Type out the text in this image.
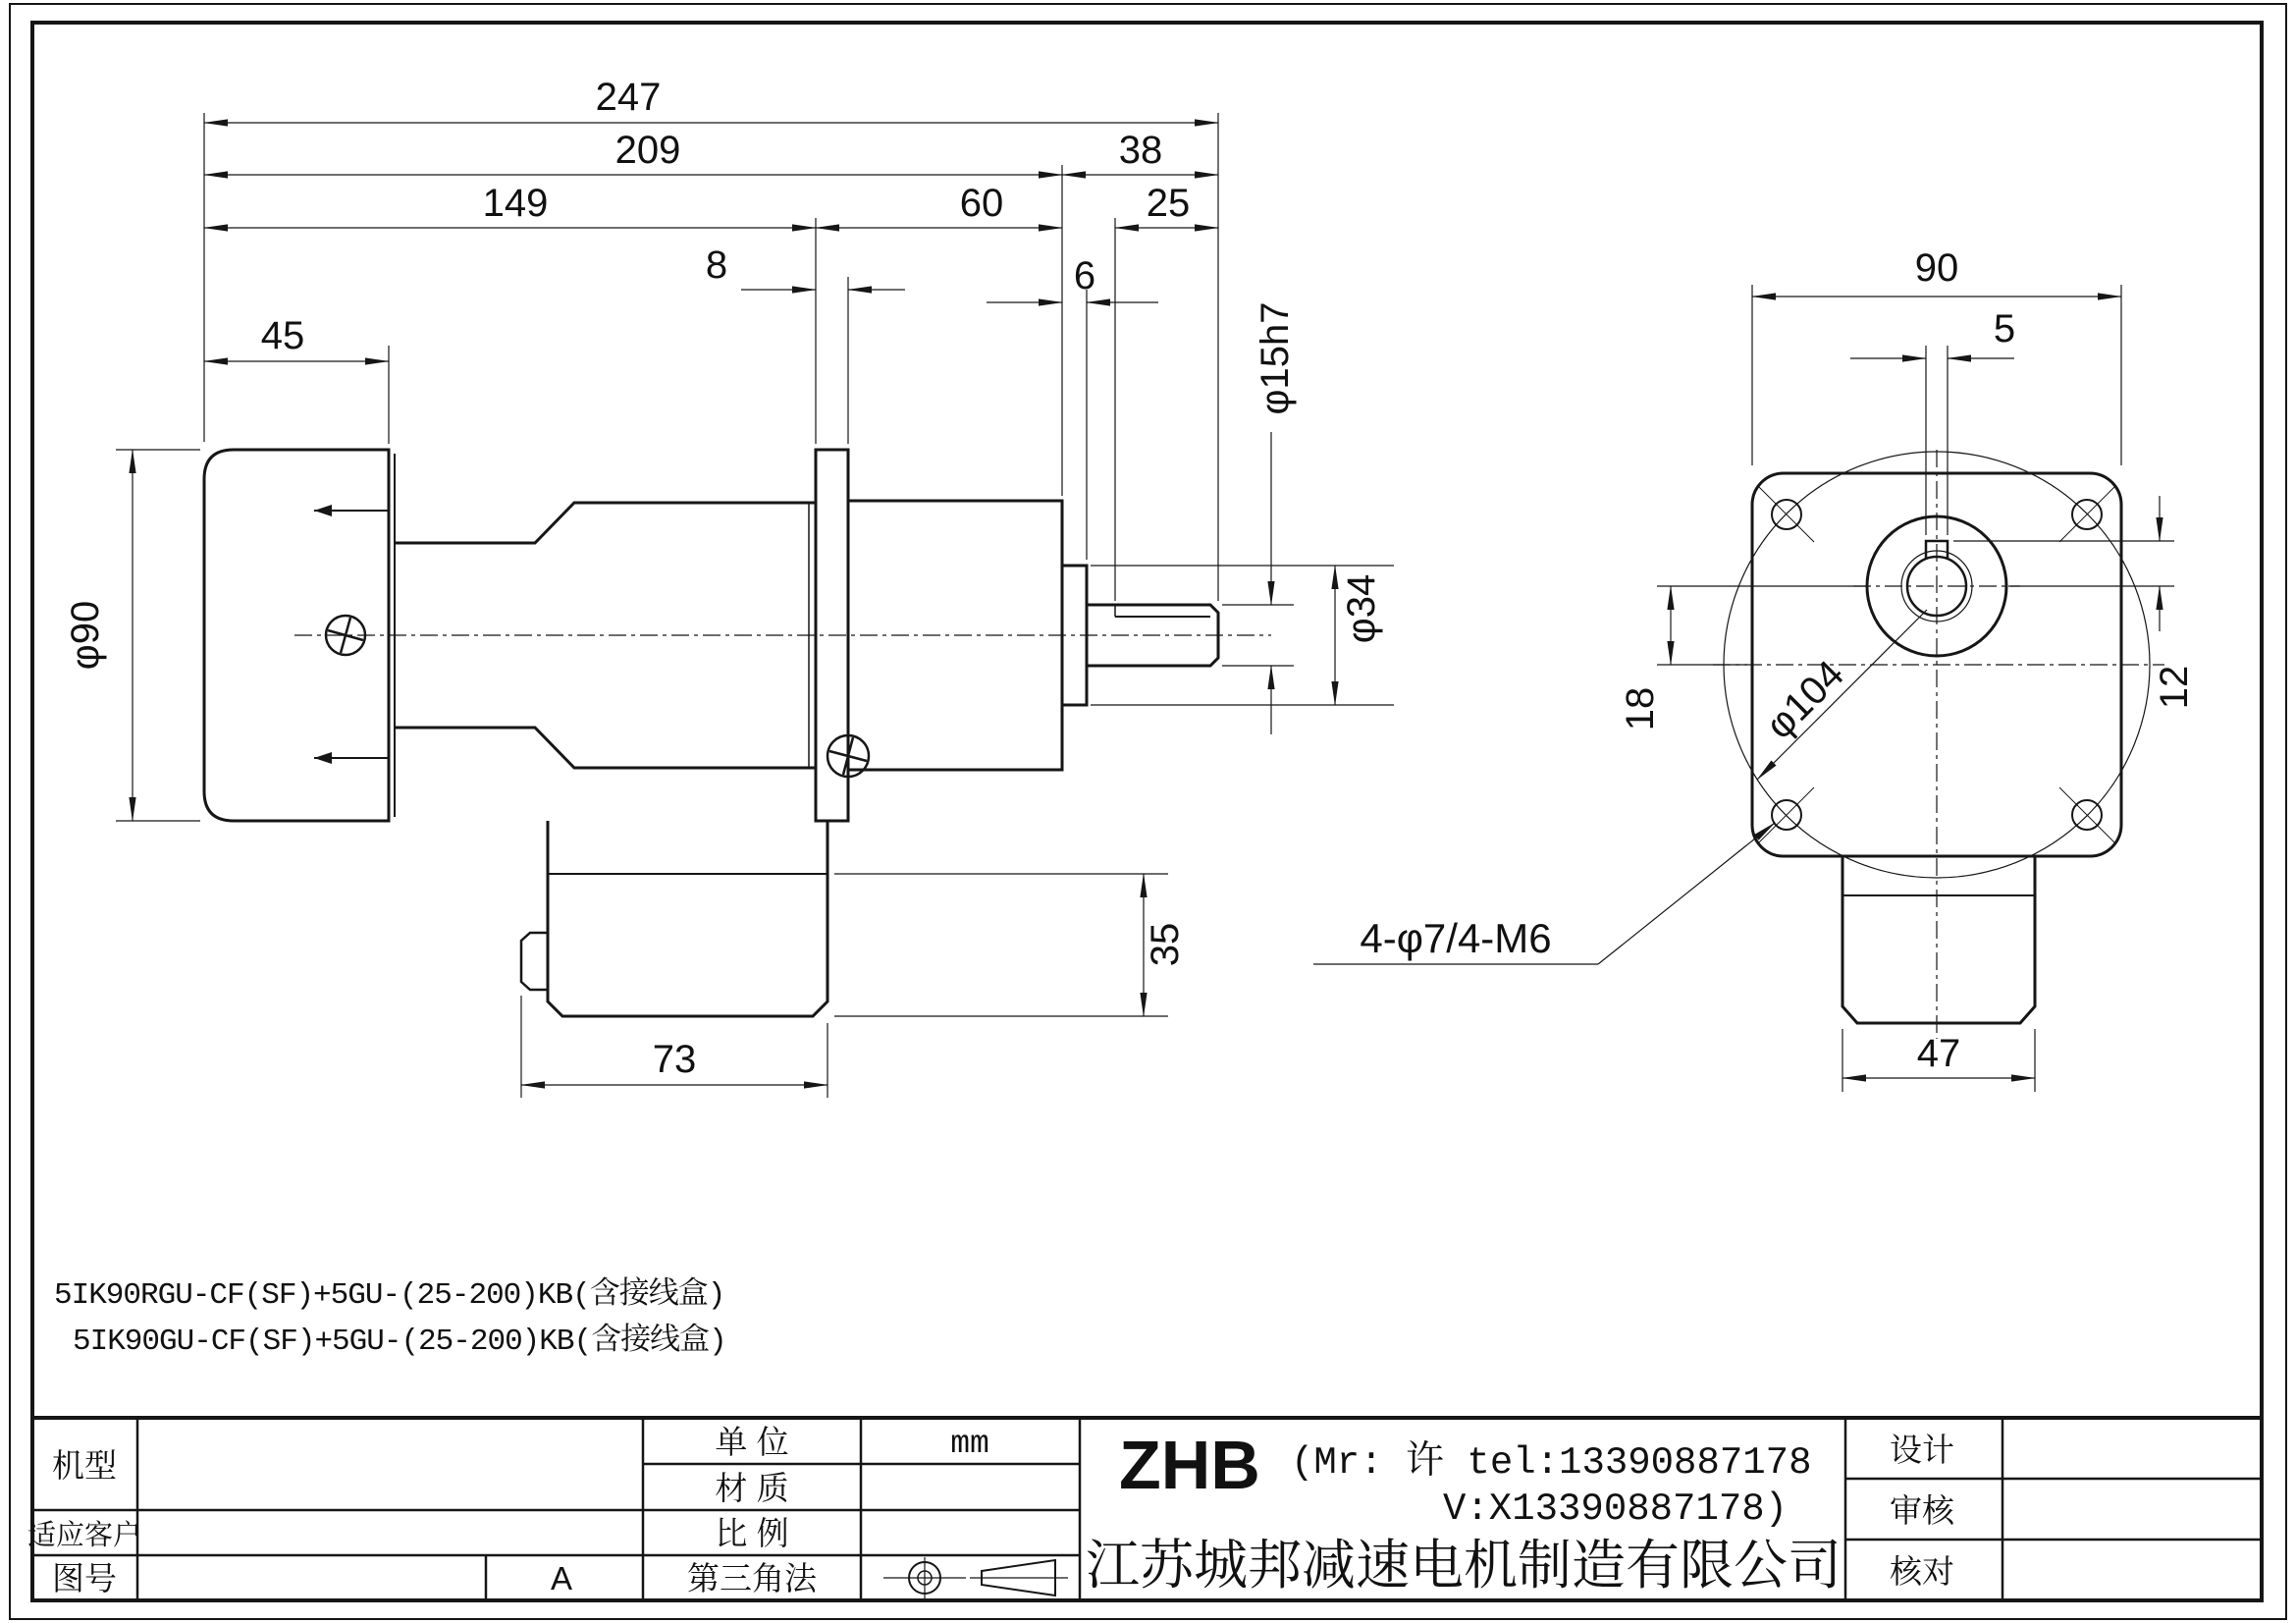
247
209	38
149	60	25
8	6
45
φ90
35
73
φ15h7
φ34
90
5
18	12
φ104
4-φ7/4-M6
47
5IK90RGU-CF(SF)+5GU-(25-200)KB(含接线盒)
5IK90GU-CF(SF)+5GU-(25-200)KB(含接线盒)
机型
适应客户
图号	A
单 位	mm
材 质
比 例
第三角法
ZHB (Mr: 许 tel:13390887178
V:X13390887178)
江苏城邦减速电机制造有限公司
设计
审核
核对
